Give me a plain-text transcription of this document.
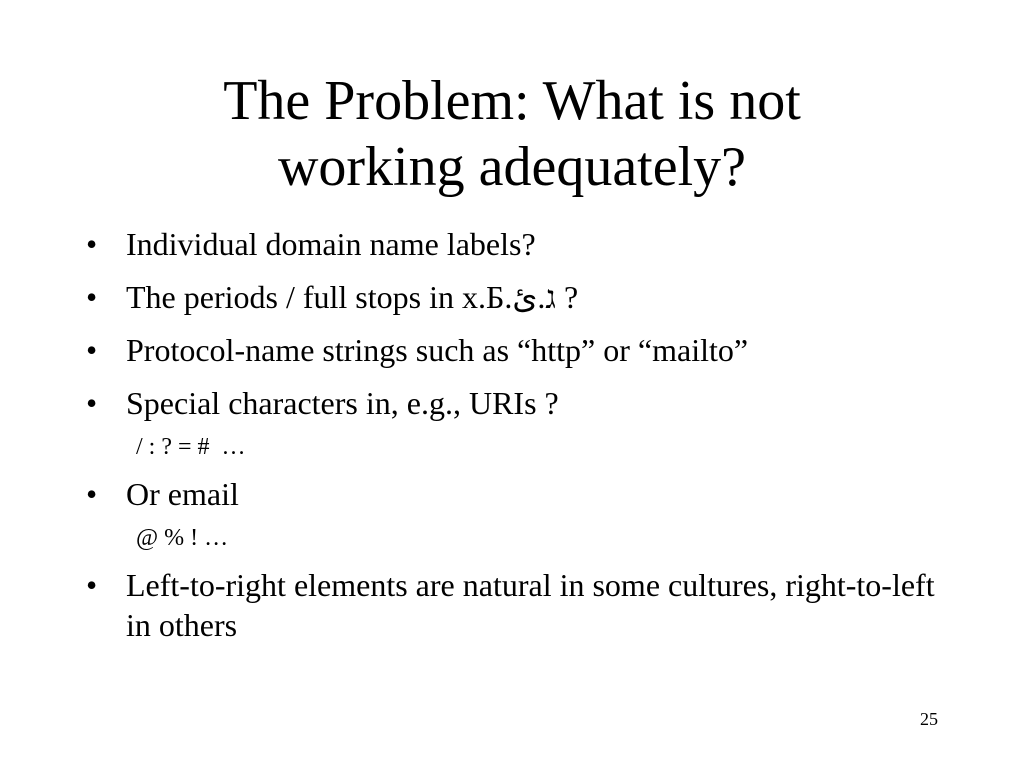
The Problem: What is not
working adequately?
• Individual domain name labels?
• The periods / full stops in x.Б.ג.ئ ?
• Protocol-name strings such as “http” or “mailto”
• Special characters in, e.g., URIs ?
/ : ? = #  …
• Or email
@ % ! …
• Left-to-right elements are natural in some cultures, right-to-left in others
25
